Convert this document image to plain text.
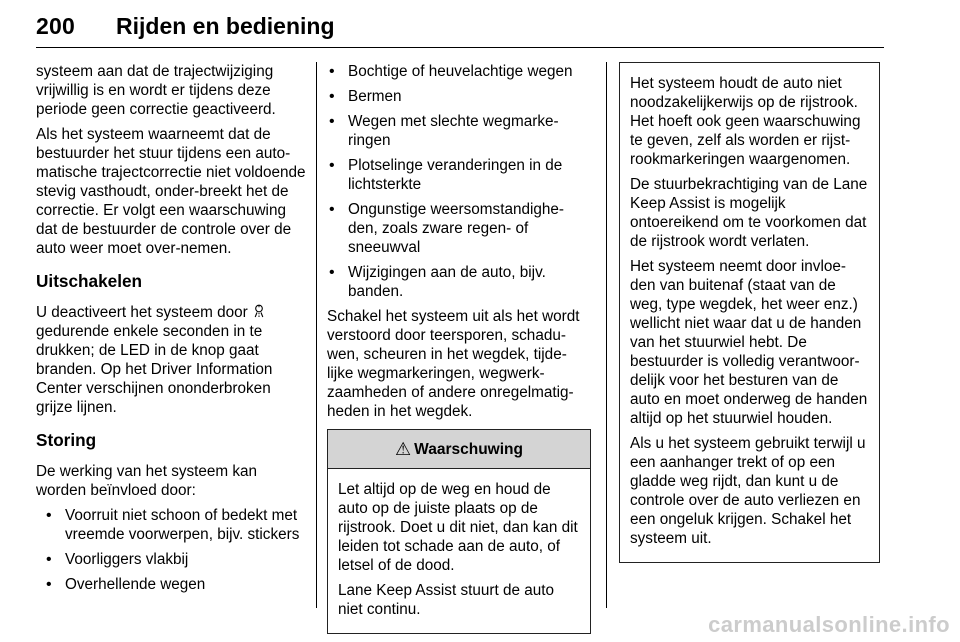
200 Rijden en bediening

systeem aan dat de trajectwijziging vrijwillig is en wordt er tijdens deze periode geen correctie geactiveerd.

Als het systeem waarneemt dat de bestuurder het stuur tijdens een auto-matische trajectcorrectie niet voldoende stevig vasthoudt, onder-breekt het de correctie. Er volgt een waarschuwing dat de bestuurder de controle over de auto weer moet over-nemen.

Uitschakelen

U deactiveert het systeem door  gedurende enkele seconden in te drukken; de LED in de knop gaat branden. Op het Driver Information Center verschijnen ononderbroken grijze lijnen.

Storing

De werking van het systeem kan worden beïnvloed door:

• Voorruit niet schoon of bedekt met vreemde voorwerpen, bijv. stickers
• Voorliggers vlakbij
• Overhellende wegen
• Bochtige of heuvelachtige wegen
• Bermen
• Wegen met slechte wegmarke-ringen
• Plotselinge veranderingen in de lichtsterkte
• Ongunstige weersomstandighe-den, zoals zware regen- of sneeuwval
• Wijzigingen aan de auto, bijv. banden.

Schakel het systeem uit als het wordt verstoord door teersporen, schadu-wen, scheuren in het wegdek, tijde-lijke wegmarkeringen, wegwerk-zaamheden of andere onregelmatig-heden in het wegdek.

⚠ Waarschuwing

Let altijd op de weg en houd de auto op de juiste plaats op de rijstrook. Doet u dit niet, dan kan dit leiden tot schade aan de auto, of letsel of de dood.

Lane Keep Assist stuurt de auto niet continu.

Het systeem houdt de auto niet noodzakelijkerwijs op de rijstrook. Het hoeft ook geen waarschuwing te geven, zelf als worden er rijst-rookmarkeringen waargenomen.

De stuurbekrachtiging van de Lane Keep Assist is mogelijk ontoereikend om te voorkomen dat de rijstrook wordt verlaten.

Het systeem neemt door invloe-den van buitenaf (staat van de weg, type wegdek, het weer enz.) wellicht niet waar dat u de handen van het stuurwiel hebt. De bestuurder is volledig verantwoor-delijk voor het besturen van de auto en moet onderweg de handen altijd op het stuurwiel houden.

Als u het systeem gebruikt terwijl u een aanhanger trekt of op een gladde weg rijdt, dan kunt u de controle over de auto verliezen en een ongeluk krijgen. Schakel het systeem uit.

carmanualsonline.info
